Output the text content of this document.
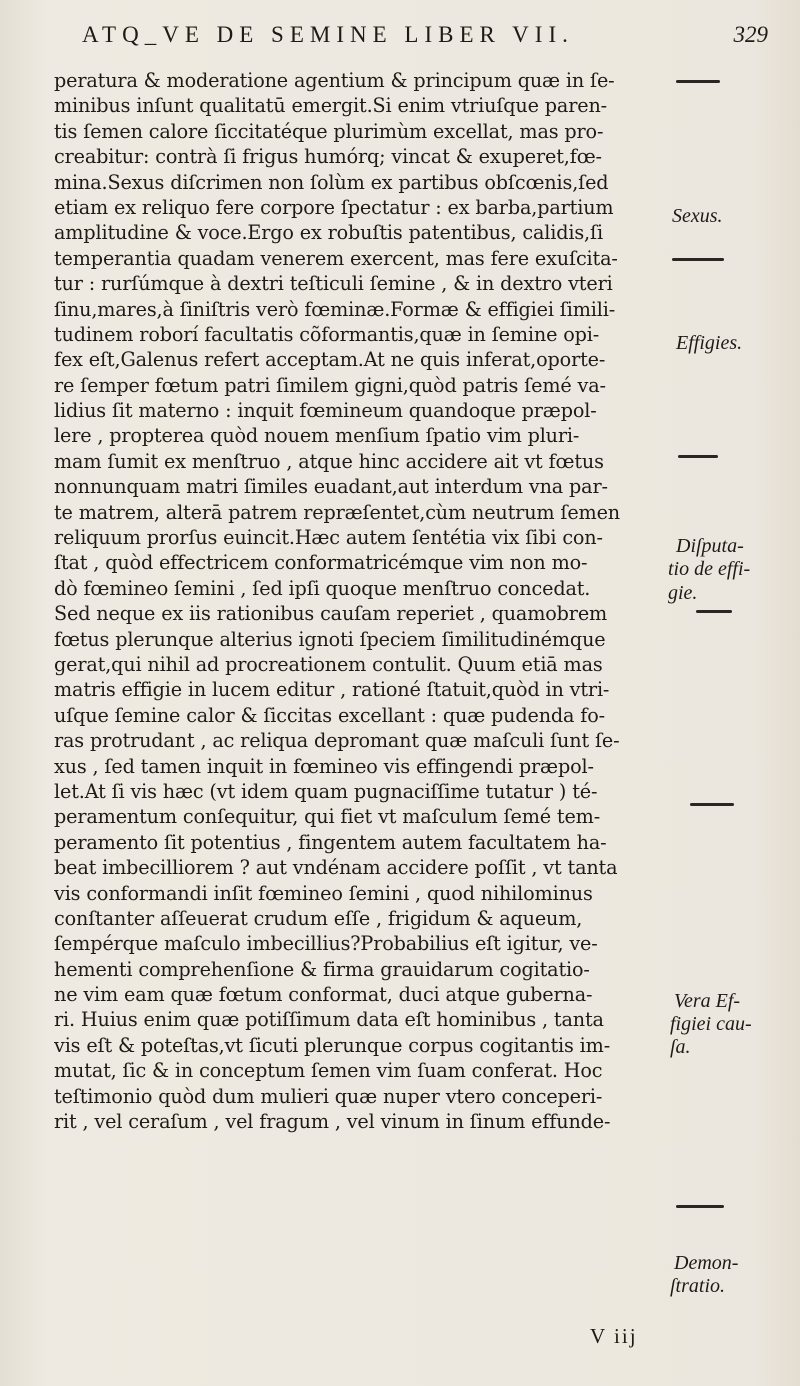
ATQ_VE DE SEMINE LIBER VII.	329
peratura & moderatione agentium & principum quæ in ſe-
minibus inſunt qualitatū emergit.Si enim vtriuſque paren-
tis ſemen calore ſiccitatéque plurimùm excellat, mas pro-
creabitur: contrà ſi frigus humórq; vincat & exuperet,fœ-
mina.Sexus diſcrimen non ſolùm ex partibus obſcœnis,ſed
etiam ex reliquo fere corpore ſpectatur : ex barba,partium
amplitudine & voce.Ergo ex robuſtis patentibus, calidis,ſi
temperantia quadam venerem exercent, mas fere exuſcita-
tur : rurſúmque à dextri teſticuli ſemine , & in dextro vteri
ſinu,mares,à ſiniſtris verò fœminæ.Formæ & effigiei ſimili-
tudinem roborí facultatis cõformantis,quæ in ſemine opi-
fex eſt,Galenus refert acceptam.At ne quis inferat,oporte-
re ſemper fœtum patri ſimilem gigni,quòd patris ſemé va-
lidius ſit materno : inquit fœmineum quandoque præpol-
lere , propterea quòd nouem menſium ſpatio vim pluri-
mam ſumit ex menſtruo , atque hinc accidere ait vt fœtus
nonnunquam matri ſimiles euadant,aut interdum vna par-
te matrem, alterā patrem repræſentet,cùm neutrum ſemen
reliquum prorſus euincit.Hæc autem ſentétia vix ſibi con-
ſtat , quòd effectricem conformatricémque vim non mo-
dò fœmineo ſemini , ſed ipſi quoque menſtruo concedat.
Sed neque ex iis rationibus cauſam reperiet , quamobrem
fœtus plerunque alterius ignoti ſpeciem ſimilitudinémque
gerat,qui nihil ad procreationem contulit. Quum etiā mas
matris effigie in lucem editur , rationé ſtatuit,quòd in vtri-
uſque ſemine calor & ſiccitas excellant : quæ pudenda fo-
ras protrudant , ac reliqua depromant quæ maſculi ſunt ſe-
xus , ſed tamen inquit in fœmineo vis effingendi præpol-
let.At ſi vis hæc (vt idem quam pugnaciſſime tutatur ) té-
peramentum conſequitur, qui fiet vt maſculum ſemé tem-
peramento ſit potentius , fingentem autem facultatem ha-
beat imbecilliorem ? aut vndénam accidere poſſit , vt tanta
vis conformandi inſit fœmineo ſemini , quod nihilominus
conſtanter aſſeuerat crudum eſſe , frigidum & aqueum,
ſempérque maſculo imbecillius?Probabilius eſt igitur, ve-
hementi comprehenſione & firma grauidarum cogitatio-
ne vim eam quæ fœtum conformat, duci atque guberna-
ri. Huius enim quæ potiſſimum data eſt hominibus , tanta
vis eſt & poteſtas,vt ſicuti plerunque corpus cogitantis im-
mutat, ſic & in conceptum ſemen vim ſuam conferat. Hoc
teſtimonio quòd dum mulieri quæ nuper vtero conceperi-
rit , vel ceraſum , vel fragum , vel vinum in ſinum effunde-
Sexus.
Effigies.
Diſputa-
tio de effi-
gie.
Vera Ef-
figiei cau-
ſa.
Demon-
ſtratio.
V iij
